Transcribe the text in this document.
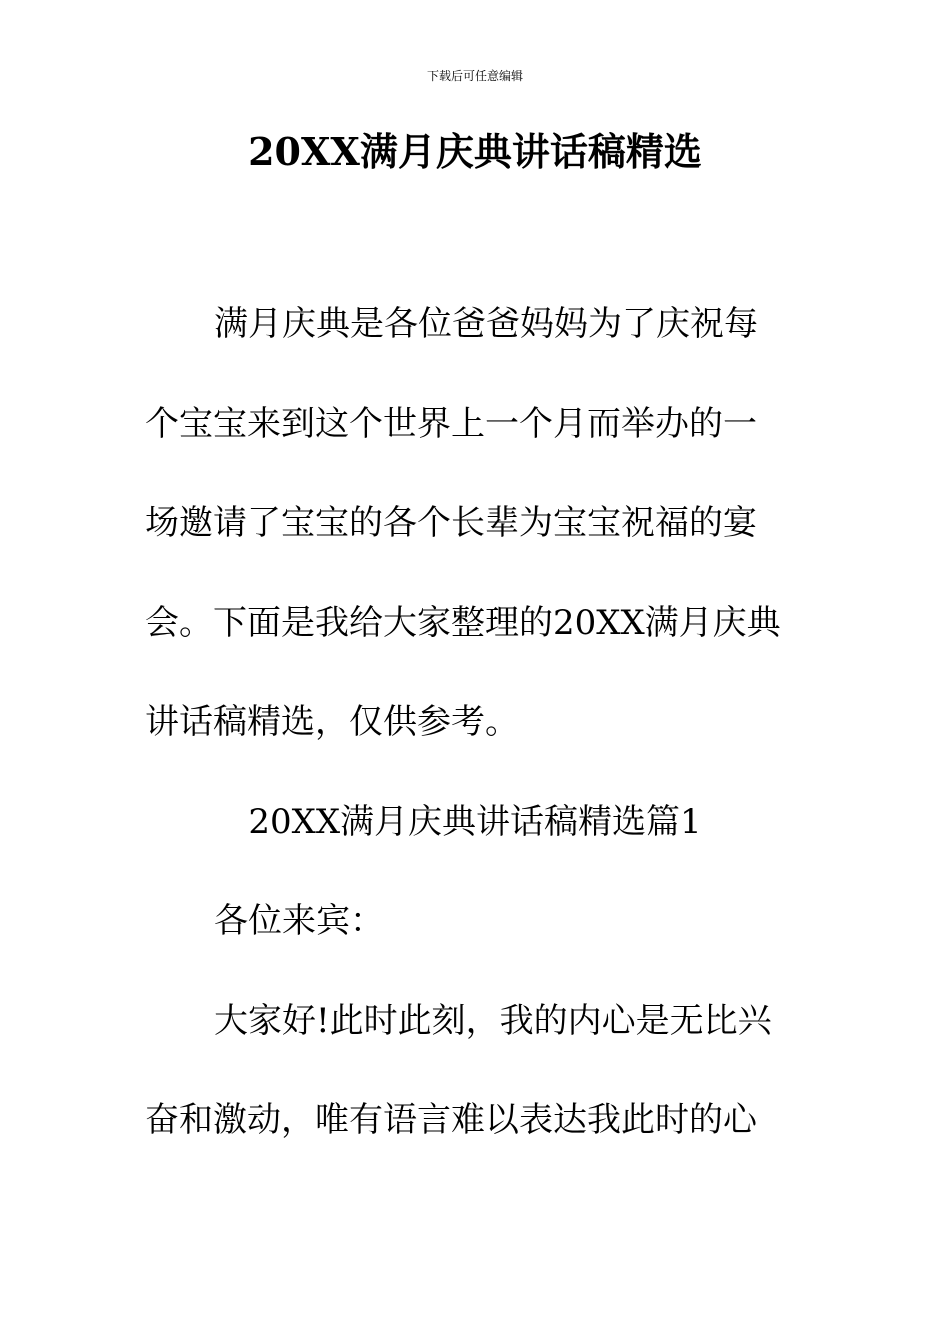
下载后可任意编辑
20XX满月庆典讲话稿精选
满月庆典是各位爸爸妈妈为了庆祝每
个宝宝来到这个世界上一个月而举办的一
场邀请了宝宝的各个长辈为宝宝祝福的宴
会。下面是我给大家整理的20XX满月庆典
讲话稿精选，仅供参考。
20XX满月庆典讲话稿精选篇1
各位来宾：
大家好!此时此刻，我的内心是无比兴
奋和激动，唯有语言难以表达我此时的心
